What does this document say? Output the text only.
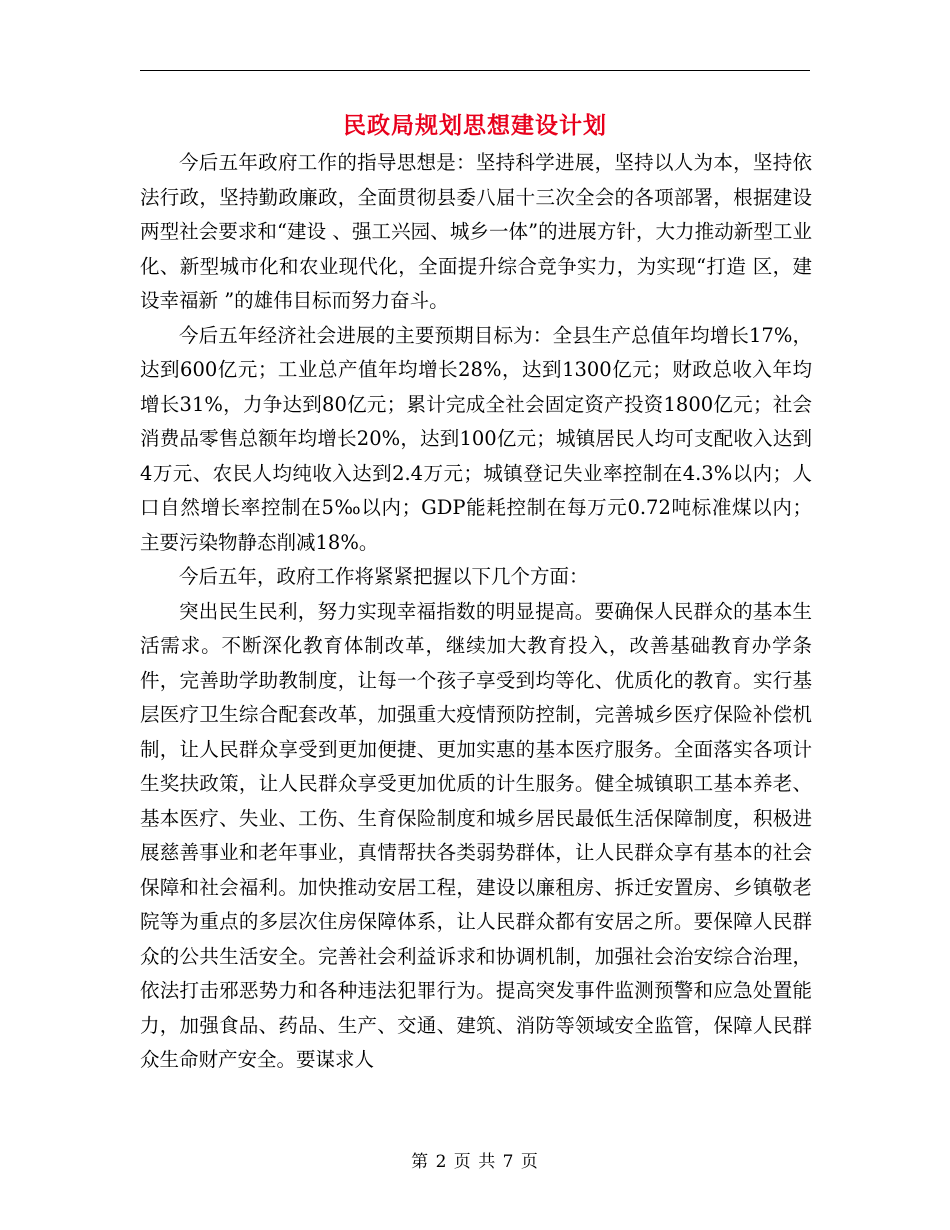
民政局规划思想建设计划

今后五年政府工作的指导思想是：坚持科学进展，坚持以人为本，坚持依法行政，坚持勤政廉政，全面贯彻县委八届十三次全会的各项部署，根据建设两型社会要求和“建设 、强工兴园、城乡一体”的进展方针，大力推动新型工业化、新型城市化和农业现代化，全面提升综合竞争实力，为实现“打造 区，建设幸福新 ”的雄伟目标而努力奋斗。

今后五年经济社会进展的主要预期目标为：全县生产总值年均增长17%，达到600亿元；工业总产值年均增长28%，达到1300亿元；财政总收入年均增长31%，力争达到80亿元；累计完成全社会固定资产投资1800亿元；社会消费品零售总额年均增长20%，达到100亿元；城镇居民人均可支配收入达到4万元、农民人均纯收入达到2.4万元；城镇登记失业率控制在4.3%以内；人口自然增长率控制在5‰以内；GDP能耗控制在每万元0.72吨标准煤以内；主要污染物静态削减18%。

今后五年，政府工作将紧紧把握以下几个方面：

突出民生民利，努力实现幸福指数的明显提高。要确保人民群众的基本生活需求。不断深化教育体制改革，继续加大教育投入，改善基础教育办学条件，完善助学助教制度，让每一个孩子享受到均等化、优质化的教育。实行基层医疗卫生综合配套改革，加强重大疫情预防控制，完善城乡医疗保险补偿机制，让人民群众享受到更加便捷、更加实惠的基本医疗服务。全面落实各项计生奖扶政策，让人民群众享受更加优质的计生服务。健全城镇职工基本养老、基本医疗、失业、工伤、生育保险制度和城乡居民最低生活保障制度，积极进展慈善事业和老年事业，真情帮扶各类弱势群体，让人民群众享有基本的社会保障和社会福利。加快推动安居工程，建设以廉租房、拆迁安置房、乡镇敬老院等为重点的多层次住房保障体系，让人民群众都有安居之所。要保障人民群众的公共生活安全。完善社会利益诉求和协调机制，加强社会治安综合治理，依法打击邪恶势力和各种违法犯罪行为。提高突发事件监测预警和应急处置能力，加强食品、药品、生产、交通、建筑、消防等领域安全监管，保障人民群众生命财产安全。要谋求人

第 2 页 共 7 页
